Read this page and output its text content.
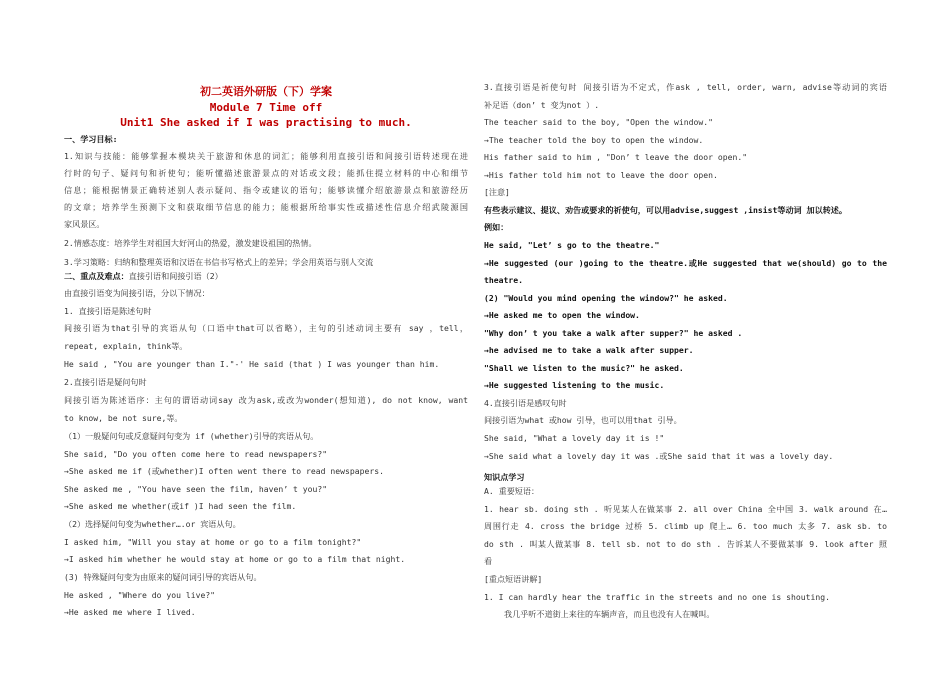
初二英语外研版（下）学案
Module 7 Time off
Unit1 She asked if I was practising to much.
一、学习目标:
1.知识与技能：能够掌握本模块关于旅游和休息的词汇；能够利用直接引语和间接引语转述现在进
行时的句子、疑问句和祈使句；能听懂描述旅游景点的对话或文段；能抓住提立材料的中心和细节
信息；能根据情景正确转述别人表示疑问、指令或建议的语句；能够读懂介绍旅游景点和旅游经历
的文章；培养学生预测下文和获取细节信息的能力；能根据所给事实性或描述性信息介绍武陵源国
家风景区。
2.情感态度：培养学生对祖国大好河山的热爱，激发建设祖国的热情。
3.学习策略：归纳和整理英语和汉语在书信书写格式上的差异；学会用英语与别人交流
二、重点及难点：直接引语和间接引语（2）
由直接引语变为间接引语，分以下情况：
1. 直接引语是陈述句时
间接引语为that引导的宾语从句（口语中that可以省略），主句的引述动词主要有 say ，tell，
repeat, explain, think等。
He said , "You are younger than I."-' He said (that ) I was younger than him.
2.直接引语是疑问句时
间接引语为陈述语序：主句的谓语动词say 改为ask,或改为wonder(想知道), do not know, want
to know, be not sure,等。
（1）一般疑问句或反意疑问句变为 if (whether)引导的宾语从句。
She said, "Do you often come here to read newspapers?"
→She asked me if (或whether)I often went there to read newspapers.
She asked me , "You have seen the film, haven’ t you?"
→She asked me whether(或if )I had seen the film.
（2）选择疑问句变为whether….or 宾语从句。
I asked him, "Will you stay at home or go to a film tonight?"
→I asked him whether he would stay at home or go to a film that night.
(3) 特殊疑问句变为由原来的疑问词引导的宾语从句。
He asked , "Where do you live?"
→He asked me where I lived.
3.直接引语是祈使句时 间接引语为不定式，作ask , tell, order, warn, advise等动词的宾语
补足语（don’ t 变为not ）.
The teacher said to the boy, "Open the window."
→The teacher told the boy to open the window.
His father said to him , "Don’ t leave the door open."
→His father told him not to leave the door open.
[注意]
有些表示建议、提议、劝告或要求的祈使句，可以用advise,suggest ,insist等动词 加以转述。
例如：
He said, "Let’ s go to the theatre."
→He suggested (our )going to the theatre.或He suggested that we(should) go to the
theatre.
(2) "Would you mind opening the window?" he asked.
→He asked me to open the window.
"Why don’ t you take a walk after supper?" he asked .
→he advised me to take a walk after supper.
"Shall we listen to the music?" he asked.
→He suggested listening to the music.
4.直接引语是感叹句时
间接引语为what 或how 引导，也可以用that 引导。
She said, "What a lovely day it is !"
→She said what a lovely day it was .或She said that it was a lovely day.
知识点学习
A. 重要短语：
1. hear sb. doing sth . 听见某人在做某事 2. all over China 全中国 3. walk around 在…
周围行走 4. cross the bridge 过桥 5. climb up 爬上… 6. too much 太多 7. ask sb. to
do sth . 叫某人做某事 8. tell sb. not to do sth . 告诉某人不要做某事 9. look after 照
看
[重点短语讲解]
1. I can hardly hear the traffic in the streets and no one is shouting.
我几乎听不道街上来往的车辆声音，而且也没有人在喊叫。
